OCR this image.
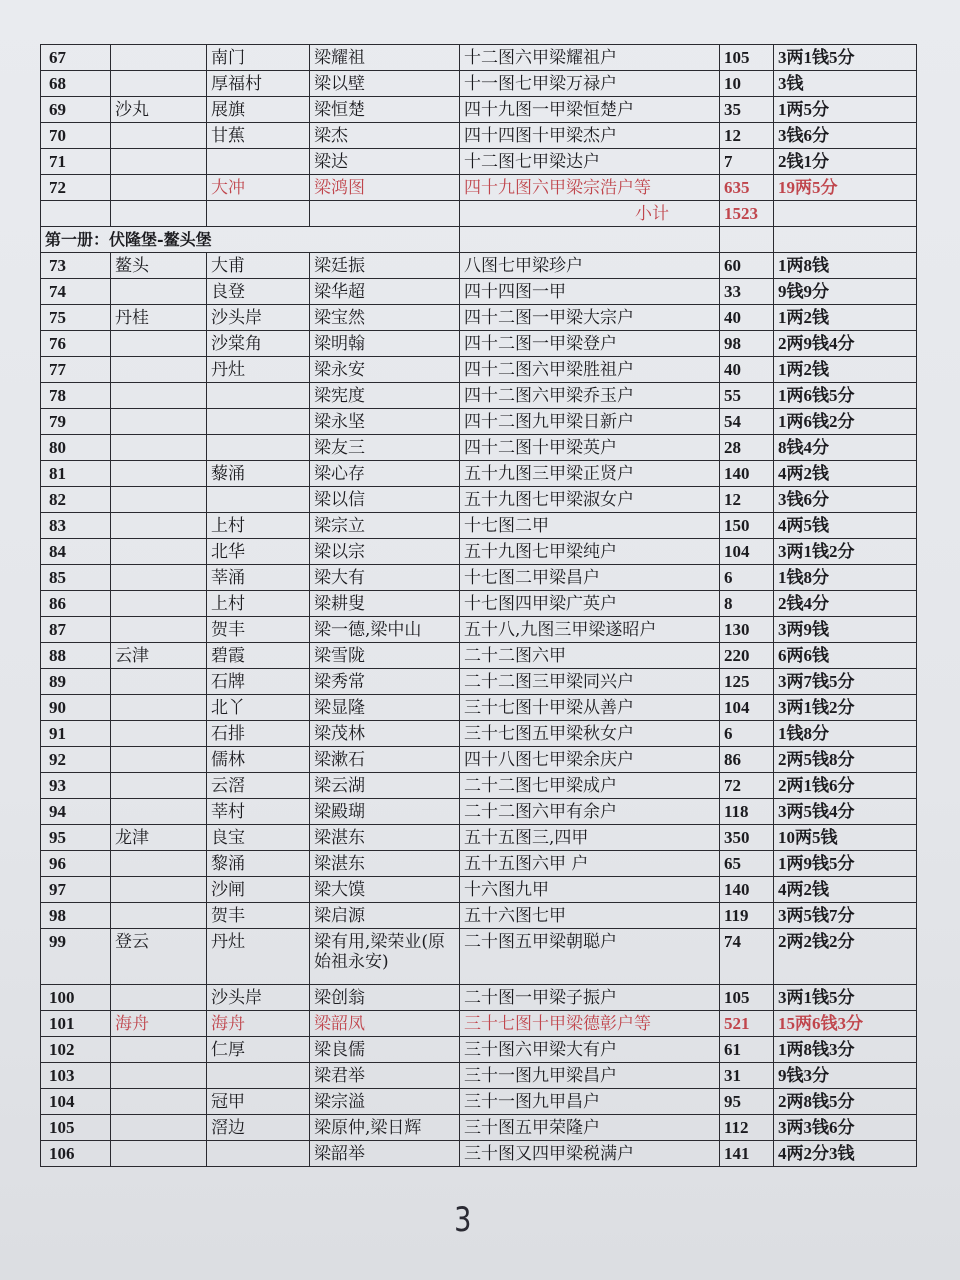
67		南门	梁耀祖	十二图六甲梁耀祖户	105	3两1钱5分
68		厚福村	梁以壁	十一图七甲梁万禄户	10	3钱
69	沙丸	展旗	梁恒楚	四十九图一甲梁恒楚户	35	1两5分
70		甘蕉	梁杰	四十四图十甲梁杰户	12	3钱6分
71			梁达	十二图七甲梁达户	7	2钱1分
72		大冲	梁鸿图	四十九图六甲梁宗浩户等	635	19两5分
				小计	1523	
第一册：伏隆堡-鳌头堡						
73	鳌头	大甫	梁廷振	八图七甲梁珍户	60	1两8钱
74		良登	梁华超	四十四图一甲	33	9钱9分
75	丹桂	沙头岸	梁宝然	四十二图一甲梁大宗户	40	1两2钱
76		沙棠角	梁明翰	四十二图一甲梁登户	98	2两9钱4分
77		丹灶	梁永安	四十二图六甲梁胜祖户	40	1两2钱
78			梁宪度	四十二图六甲梁乔玉户	55	1两6钱5分
79			梁永坚	四十二图九甲梁日新户	54	1两6钱2分
80			梁友三	四十二图十甲梁英户	28	8钱4分
81		藜涌	梁心存	五十九图三甲梁正贤户	140	4两2钱
82			梁以信	五十九图七甲梁淑女户	12	3钱6分
83		上村	梁宗立	十七图二甲	150	4两5钱
84		北华	梁以宗	五十九图七甲梁纯户	104	3两1钱2分
85		莘涌	梁大有	十七图二甲梁昌户	6	1钱8分
86		上村	梁耕叟	十七图四甲梁广英户	8	2钱4分
87		贺丰	梁一德,梁中山	五十八,九图三甲梁遂昭户	130	3两9钱
88	云津	碧霞	梁雪陇	二十二图六甲	220	6两6钱
89		石牌	梁秀常	二十二图三甲梁同兴户	125	3两7钱5分
90		北丫	梁显隆	三十七图十甲梁从善户	104	3两1钱2分
91		石排	梁茂林	三十七图五甲梁秋女户	6	1钱8分
92		儒林	梁漱石	四十八图七甲梁余庆户	86	2两5钱8分
93		云滘	梁云湖	二十二图七甲梁成户	72	2两1钱6分
94		莘村	梁殿瑚	二十二图六甲有余户	118	3两5钱4分
95	龙津	良宝	梁湛东	五十五图三,四甲	350	10两5钱
96		黎涌	梁湛东	五十五图六甲 户	65	1两9钱5分
97		沙闸	梁大馍	十六图九甲	140	4两2钱
98		贺丰	梁启源	五十六图七甲	119	3两5钱7分
99	登云	丹灶	梁有用,梁荣业(原始祖永安)	二十图五甲梁朝聪户	74	2两2钱2分
100		沙头岸	梁创翁	二十图一甲梁子振户	105	3两1钱5分
101	海舟	海舟	梁韶凤	三十七图十甲梁德彰户等	521	15两6钱3分
102		仁厚	梁良儒	三十图六甲梁大有户	61	1两8钱3分
103			梁君举	三十一图九甲梁昌户	31	9钱3分
104		冠甲	梁宗溢	三十一图九甲昌户	95	2两8钱5分
105		滘边	梁原仲,梁日辉	三十图五甲荣隆户	112	3两3钱6分
106			梁韶举	三十图又四甲梁税满户	141	4两2分3钱
3
